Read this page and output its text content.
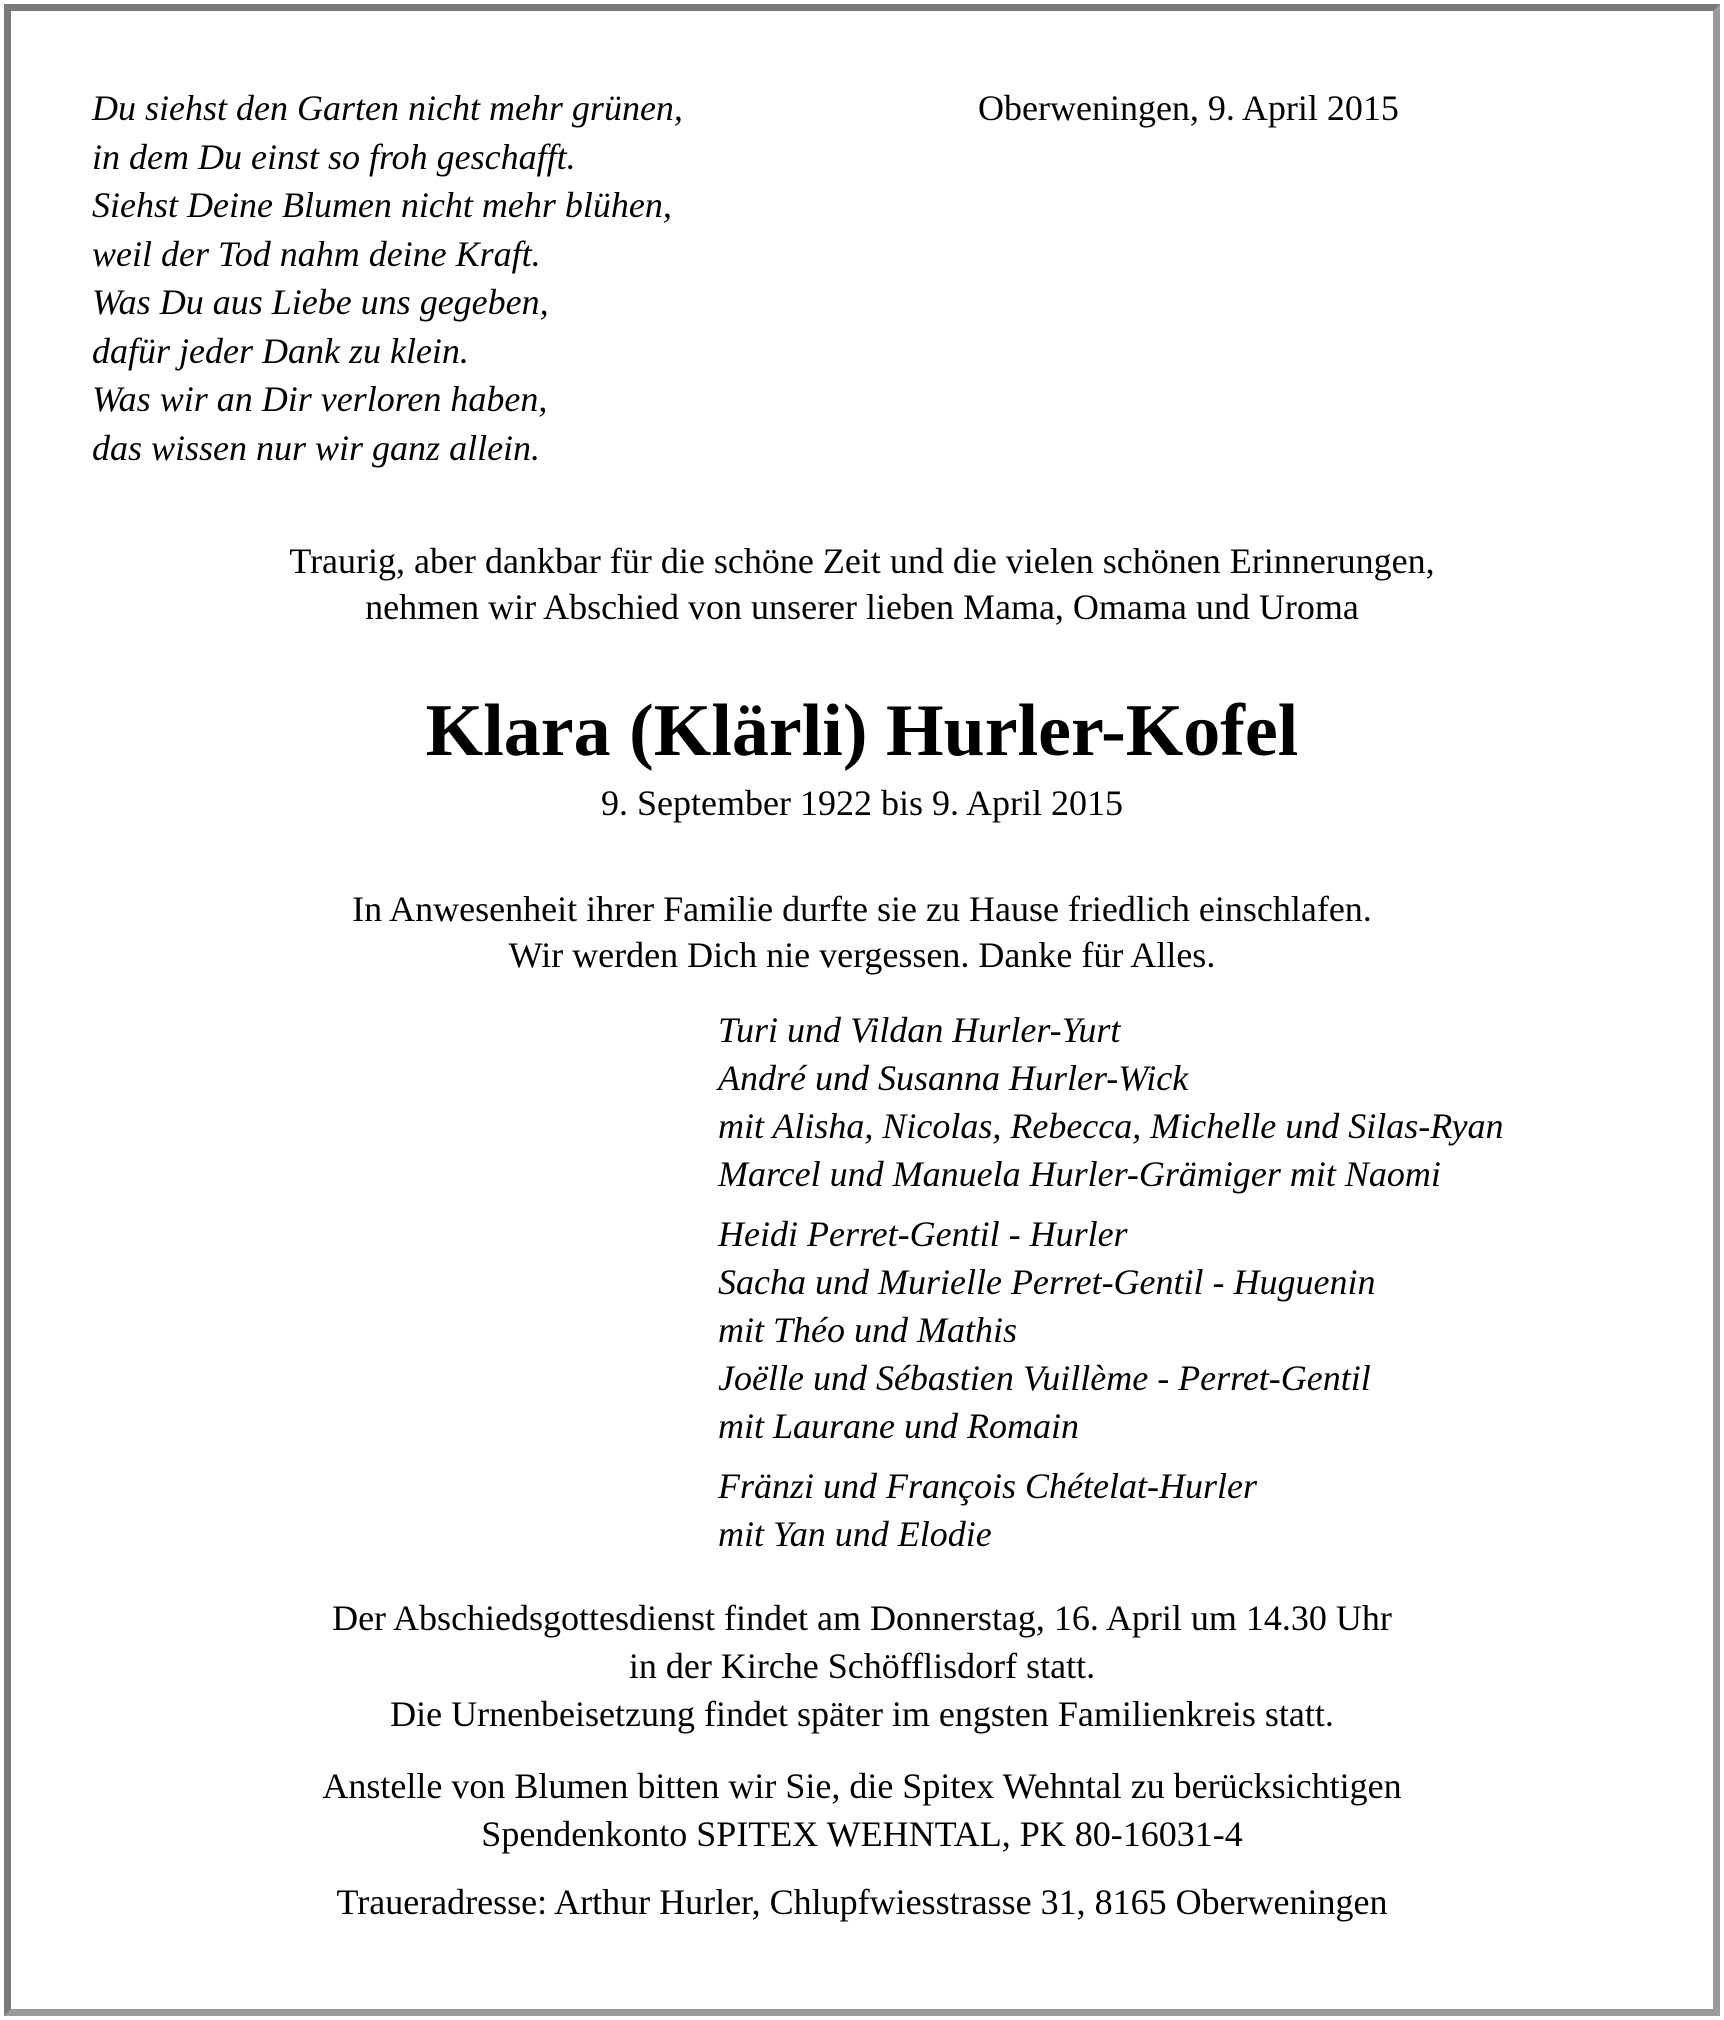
Du siehst den Garten nicht mehr grünen,
in dem Du einst so froh geschafft.
Siehst Deine Blumen nicht mehr blühen,
weil der Tod nahm deine Kraft.
Was Du aus Liebe uns gegeben,
dafür jeder Dank zu klein.
Was wir an Dir verloren haben,
das wissen nur wir ganz allein.
Oberweningen, 9. April 2015
Traurig, aber dankbar für die schöne Zeit und die vielen schönen Erinnerungen,
nehmen wir Abschied von unserer lieben Mama, Omama und Uroma
Klara (Klärli) Hurler-Kofel
9. September 1922 bis 9. April 2015
In Anwesenheit ihrer Familie durfte sie zu Hause friedlich einschlafen.
Wir werden Dich nie vergessen. Danke für Alles.
Turi und Vildan Hurler-Yurt
André und Susanna Hurler-Wick
mit Alisha, Nicolas, Rebecca, Michelle und Silas-Ryan
Marcel und Manuela Hurler-Grämiger mit Naomi
Heidi Perret-Gentil - Hurler
Sacha und Murielle Perret-Gentil - Huguenin
mit Théo und Mathis
Joëlle und Sébastien Vuillème - Perret-Gentil
mit Laurane und Romain
Fränzi und François Chételat-Hurler
mit Yan und Elodie
Der Abschiedsgottesdienst findet am Donnerstag, 16. April um 14.30 Uhr
in der Kirche Schöfflisdorf statt.
Die Urnenbeisetzung findet später im engsten Familienkreis statt.
Anstelle von Blumen bitten wir Sie, die Spitex Wehntal zu berücksichtigen
Spendenkonto SPITEX WEHNTAL, PK 80-16031-4
Traueradresse: Arthur Hurler, Chlupfwiesstrasse 31, 8165 Oberweningen
